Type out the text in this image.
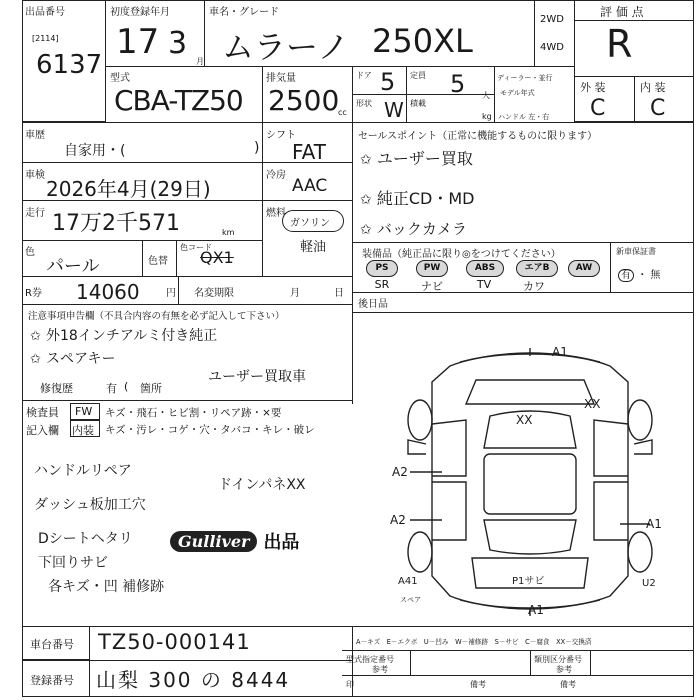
出品番号
[2114]
6137
初度登録年月
17 3
月
車名・グレード
ムラーノ 250XL
2WD
4WD
評 価 点
R
外 装	内 装
C C
型式
CBA-TZ50
排気量
2500
cc
ドア 5 定員 5 人
ディーラー・並行
モデル年式
形状 W 積載
kg ハンドル 左・右
車歴
自家用・(	)
車検
2026年4月(29日)
走行 17万2千571	km
色
パール	色替
色コード
QX1
シフト
FAT
冷房
AAC
燃料
ガソリン
軽油
R券 14060	円 名変期限	月	日
セールスポイント（正常に機能するものに限ります）
✩ ユーザー買取
✩ 純正CD・MD
✩ バックカメラ
装備品（純正品に限り◎をつけてください）	新車保証書
有 ・ 無
PS	PW	ABS	エアB	AW
SR	ナビ	TV	カワ
後日品
注意事項申告欄（不具合内容の有無を必ず記入して下さい）
✩ 外18インチアルミ付き純正
✩ スペアキー
修復歴	有 ( 箇所
ユーザー買取車
検査員
記入欄
FW
内装
キズ・飛石・ヒビ割・リペア跡・×要
キズ・汚レ・コゲ・穴・タバコ・キレ・破レ
ハンドルリペア
ダッシュ板加工穴
Dシートヘタリ
下回りサビ
各キズ・凹 補修跡
ドインパネXX
Gulliver 出品
A1
XX
XX
A2
A2	A1
A41	U2
P1サビ
A1
スペア
A－キズ　E－エクボ　U－凹み　W－補修跡　S－サビ　C－腐食　XX－交換済
車台番号 TZ50-000141
登録番号 山梨 300 の 8444
型式指定番号
参考
類別区分番号
参考
印	備考	備考
